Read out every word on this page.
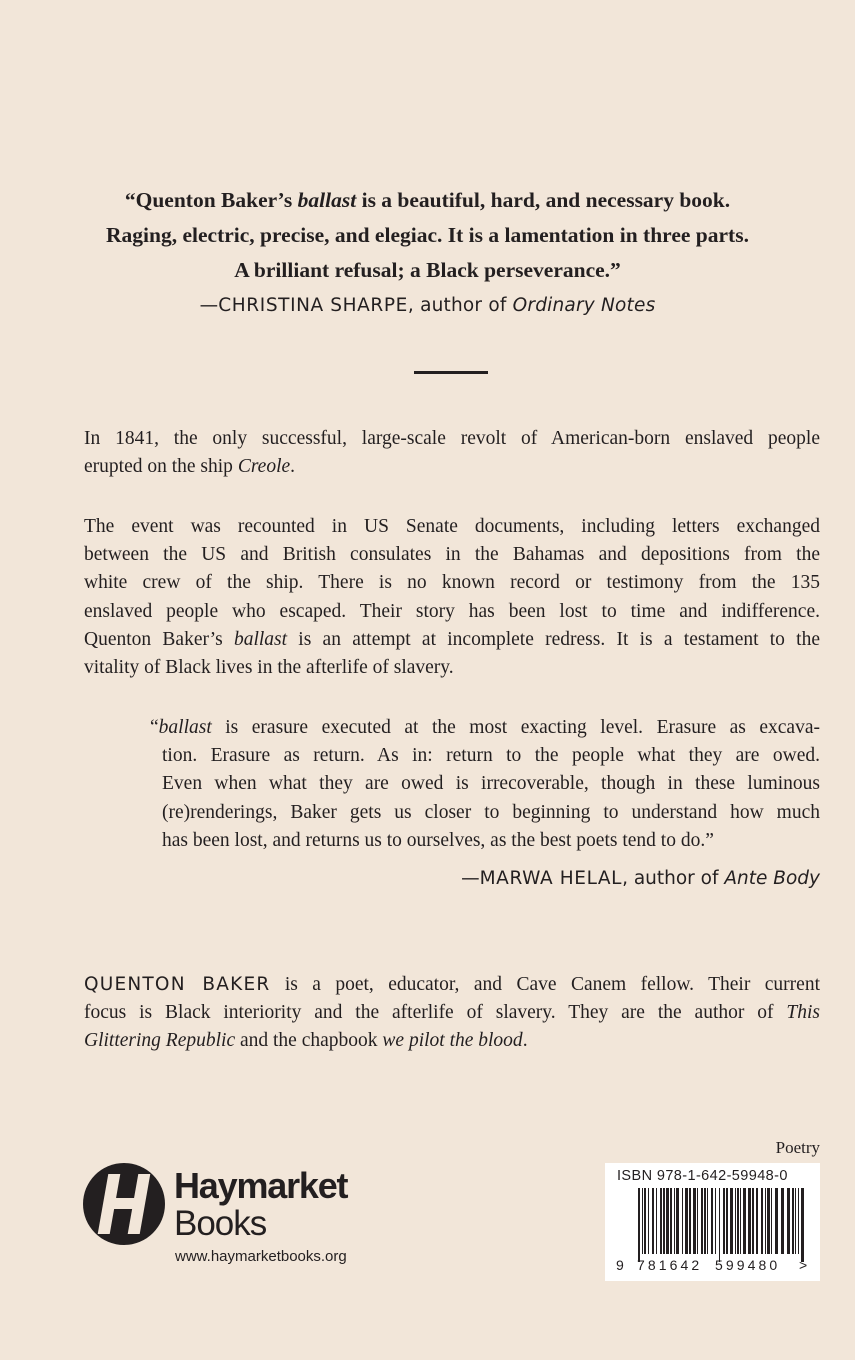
“Quenton Baker’s ballast is a beautiful, hard, and necessary book.
Raging, electric, precise, and elegiac. It is a lamentation in three parts.
A brilliant refusal; a Black perseverance.”
—CHRISTINA SHARPE, author of Ordinary Notes
In 1841, the only successful, large-scale revolt of American-born enslaved people
erupted on the ship Creole.
The event was recounted in US Senate documents, including letters exchanged
between the US and British consulates in the Bahamas and depositions from the
white crew of the ship. There is no known record or testimony from the 135
enslaved people who escaped. Their story has been lost to time and indifference.
Quenton Baker’s ballast is an attempt at incomplete redress. It is a testament to the
vitality of Black lives in the afterlife of slavery.
“ballast is erasure executed at the most exacting level. Erasure as excava-
tion. Erasure as return. As in: return to the people what they are owed.
Even when what they are owed is irrecoverable, though in these luminous
(re)renderings, Baker gets us closer to beginning to understand how much
has been lost, and returns us to ourselves, as the best poets tend to do.”
—MARWA HELAL, author of Ante Body
QUENTON BAKER is a poet, educator, and Cave Canem fellow. Their current
focus is Black interiority and the afterlife of slavery. They are the author of This
Glittering Republic and the chapbook we pilot the blood.
Poetry
ISBN 978-1-642-59948-0
9 781642 599480 >
Haymarket
Books
www.haymarketbooks.org
